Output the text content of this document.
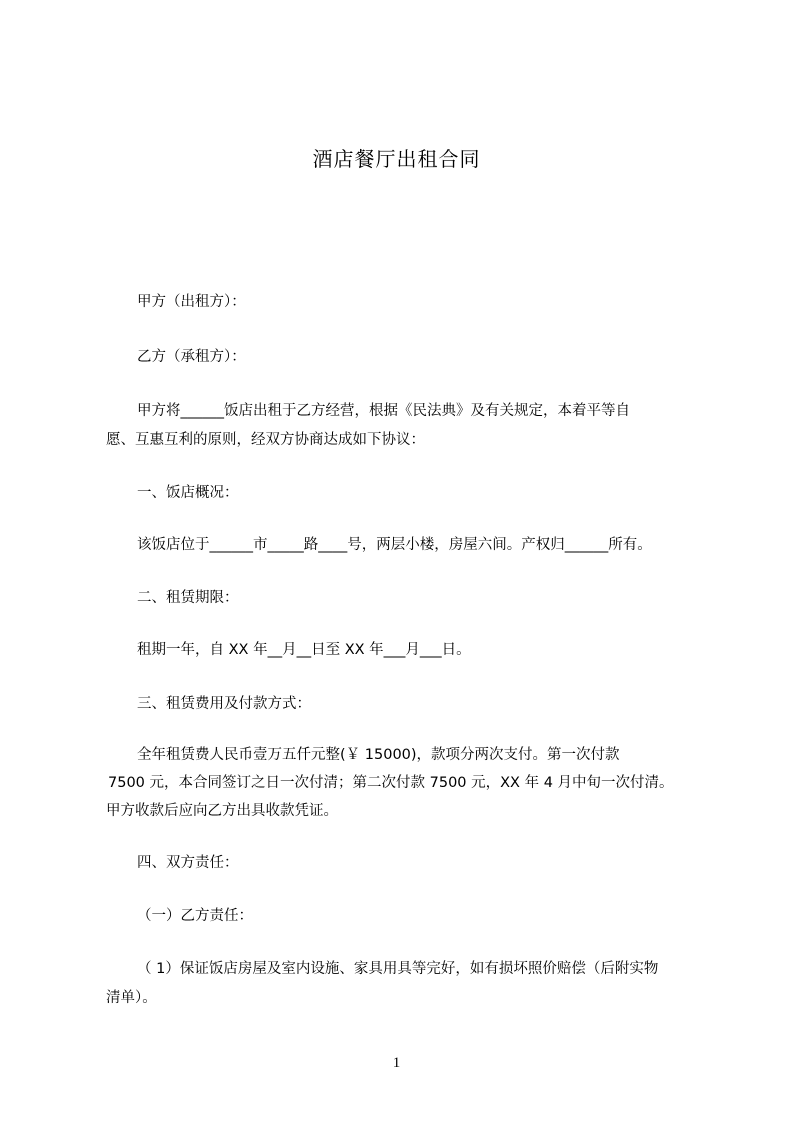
酒店餐厅出租合同
甲方（出租方）：
乙方（承租方）：
甲方将______饭店出租于乙方经营，根据《民法典》及有关规定，本着平等自
愿、互惠互利的原则，经双方协商达成如下协议：
一、饭店概况：
该饭店位于______市_____路____号，两层小楼，房屋六间。产权归______所有。
二、租赁期限：
租期一年，自 XX 年__月__日至 XX 年___月___日。
三、租赁费用及付款方式：
全年租赁费人民币壹万五仟元整(￥ 15000)，款项分两次支付。第一次付款
7500 元，本合同签订之日一次付清；第二次付款 7500 元，XX 年 4 月中旬一次付清。
甲方收款后应向乙方出具收款凭证。
四、双方责任：
（一）乙方责任：
（ 1）保证饭店房屋及室内设施、家具用具等完好，如有损坏照价赔偿（后附实物
清单）。
1
